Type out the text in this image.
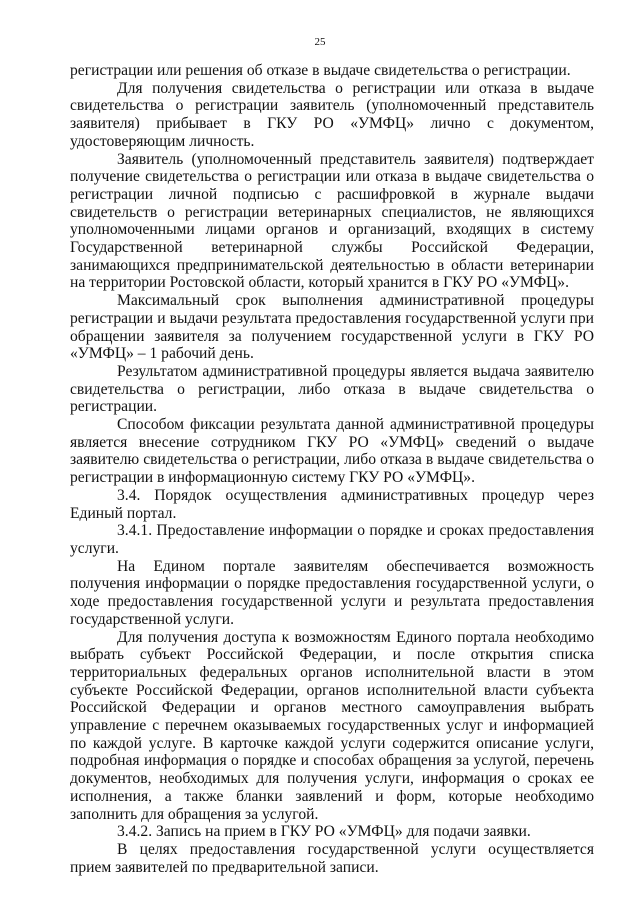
25

регистрации или решения об отказе в выдаче свидетельства о регистрации.

Для получения свидетельства о регистрации или отказа в выдаче свидетельства о регистрации заявитель (уполномоченный представитель заявителя) прибывает в ГКУ РО «УМФЦ» лично с документом, удостоверяющим личность.

Заявитель (уполномоченный представитель заявителя) подтверждает получение свидетельства о регистрации или отказа в выдаче свидетельства о регистрации личной подписью с расшифровкой в журнале выдачи свидетельств о регистрации ветеринарных специалистов, не являющихся уполномоченными лицами органов и организаций, входящих в систему Государственной ветеринарной службы Российской Федерации, занимающихся предпринимательской деятельностью в области ветеринарии на территории Ростовской области, который хранится в ГКУ РО «УМФЦ».

Максимальный срок выполнения административной процедуры регистрации и выдачи результата предоставления государственной услуги при обращении заявителя за получением государственной услуги в ГКУ РО «УМФЦ» – 1 рабочий день.

Результатом административной процедуры является выдача заявителю свидетельства о регистрации, либо отказа в выдаче свидетельства о регистрации.

Способом фиксации результата данной административной процедуры является внесение сотрудником ГКУ РО «УМФЦ» сведений о выдаче заявителю свидетельства о регистрации, либо отказа в выдаче свидетельства о регистрации в информационную систему ГКУ РО «УМФЦ».

3.4. Порядок осуществления административных процедур через Единый портал.

3.4.1. Предоставление информации о порядке и сроках предоставления услуги.

На Едином портале заявителям обеспечивается возможность получения информации о порядке предоставления государственной услуги, о ходе предоставления государственной услуги и результата предоставления государственной услуги.

Для получения доступа к возможностям Единого портала необходимо выбрать субъект Российской Федерации, и после открытия списка территориальных федеральных органов исполнительной власти в этом субъекте Российской Федерации, органов исполнительной власти субъекта Российской Федерации и органов местного самоуправления выбрать управление с перечнем оказываемых государственных услуг и информацией по каждой услуге. В карточке каждой услуги содержится описание услуги, подробная информация о порядке и способах обращения за услугой, перечень документов, необходимых для получения услуги, информация о сроках ее исполнения, а также бланки заявлений и форм, которые необходимо заполнить для обращения за услугой.

3.4.2. Запись на прием в ГКУ РО «УМФЦ» для подачи заявки.

В целях предоставления государственной услуги осуществляется прием заявителей по предварительной записи.
